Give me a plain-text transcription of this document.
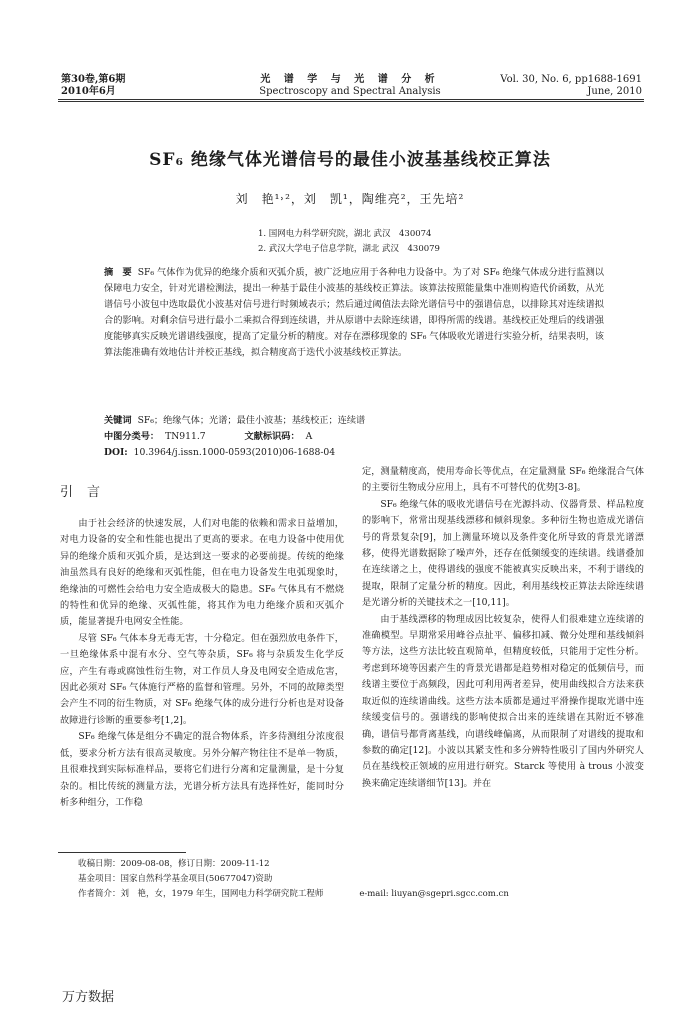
第30卷,第6期
2010年6月
光 谱 学 与 光 谱 分 析
Spectroscopy and Spectral Analysis
Vol. 30, No. 6, pp1688-1691
June, 2010
SF₆ 绝缘气体光谱信号的最佳小波基基线校正算法
刘　艳¹˒²，刘　凯¹，陶维亮²，王先培²
1. 国网电力科学研究院，湖北 武汉　430074
2. 武汉大学电子信息学院，湖北 武汉　430079
摘　要 SF₆ 气体作为优异的绝缘介质和灭弧介质，被广泛地应用于各种电力设备中。为了对 SF₆ 绝缘气体成分进行监测以保障电力安全，针对光谱检测法，提出一种基于最佳小波基的基线校正算法。该算法按照能量集中准则构造代价函数，从光谱信号小波包中选取最优小波基对信号进行时频域表示；然后通过阈值法去除光谱信号中的强谱信息，以排除其对连续谱拟合的影响。对剩余信号进行最小二乘拟合得到连续谱，并从原谱中去除连续谱，即得所需的线谱。基线校正处理后的线谱强度能够真实反映光谱谱线强度，提高了定量分析的精度。对存在漂移现象的 SF₆ 气体吸收光谱进行实验分析，结果表明，该算法能准确有效地估计并校正基线，拟合精度高于迭代小波基线校正算法。
关键词 SF₆；绝缘气体；光谱；最佳小波基；基线校正；连续谱
中图分类号： TN911.7	文献标识码： A DOI: 10.3964/j.issn.1000-0593(2010)06-1688-04
引言

由于社会经济的快速发展，人们对电能的依赖和需求日益增加，对电力设备的安全和性能也提出了更高的要求。在电力设备中使用优异的绝缘介质和灭弧介质，是达到这一要求的必要前提。传统的绝缘油虽然具有良好的绝缘和灭弧性能，但在电力设备发生电弧现象时，绝缘油的可燃性会给电力安全造成极大的隐患。SF₆ 气体具有不燃烧的特性和优异的绝缘、灭弧性能，将其作为电力绝缘介质和灭弧介质，能显著提升电网安全性能。

尽管 SF₆ 气体本身无毒无害，十分稳定。但在强烈放电条件下，一旦绝缘体系中混有水分、空气等杂质，SF₆ 将与杂质发生化学反应，产生有毒或腐蚀性衍生物，对工作员人身及电网安全造成危害，因此必须对 SF₆ 气体施行严格的监督和管理。另外，不同的故障类型会产生不同的衍生物质，对 SF₆ 绝缘气体的成分进行分析也是对设备故障进行诊断的重要参考[1,2]。

SF₆ 绝缘气体是组分不确定的混合物体系，许多待测组分浓度很低，要求分析方法有很高灵敏度。另外分解产物往往不是单一物质，且很难找到实际标准样品，要将它们进行分离和定量测量，是十分复杂的。相比传统的测量方法，光谱分析方法具有选择性好，能同时分析多种组分，工作稳

定，测量精度高，使用寿命长等优点，在定量测量 SF₆ 绝缘混合气体的主要衍生物成分应用上，具有不可替代的优势[3-8]。

SF₆ 绝缘气体的吸收光谱信号在光源抖动、仪器背景、样品粒度的影响下，常常出现基线漂移和倾斜现象。多种衍生物也造成光谱信号的背景复杂[9]，加上测量环境以及条件变化所导致的背景光谱漂移，使得光谱数据除了噪声外，还存在低频缓变的连续谱。线谱叠加在连续谱之上，使得谱线的强度不能被真实反映出来，不利于谱线的提取，限制了定量分析的精度。因此，利用基线校正算法去除连续谱是光谱分析的关键技术之一[10,11]。

由于基线漂移的物理成因比较复杂，使得人们很难建立连续谱的准确模型。早期常采用峰谷点扯平、偏移扣减、微分处理和基线倾斜等方法，这些方法比较直观简单，但精度较低，只能用于定性分析。考虑到环境等因素产生的背景光谱都是趋势相对稳定的低频信号，而线谱主要位于高频段，因此可利用两者差异，使用曲线拟合方法来获取近似的连续谱曲线。这些方法本质都是通过平滑操作提取光谱中连续缓变信号的。强谱线的影响使拟合出来的连续谱在其附近不够准确，谱信号都背离基线，向谱线峰偏离，从而限制了对谱线的提取和参数的确定[12]。小波以其紧支性和多分辨特性吸引了国内外研究人员在基线校正领域的应用进行研究。Starck 等使用 à trous 小波变换来确定连续谱细节[13]。并在

收稿日期：2009-08-08，修订日期：2009-11-12
基金项目：国家自然科学基金项目(50677047)资助
作者简介：刘　艳，女，1979 年生，国网电力科学研究院工程师	e-mail: liuyan@sgepri.sgcc.com.cn
万方数据
